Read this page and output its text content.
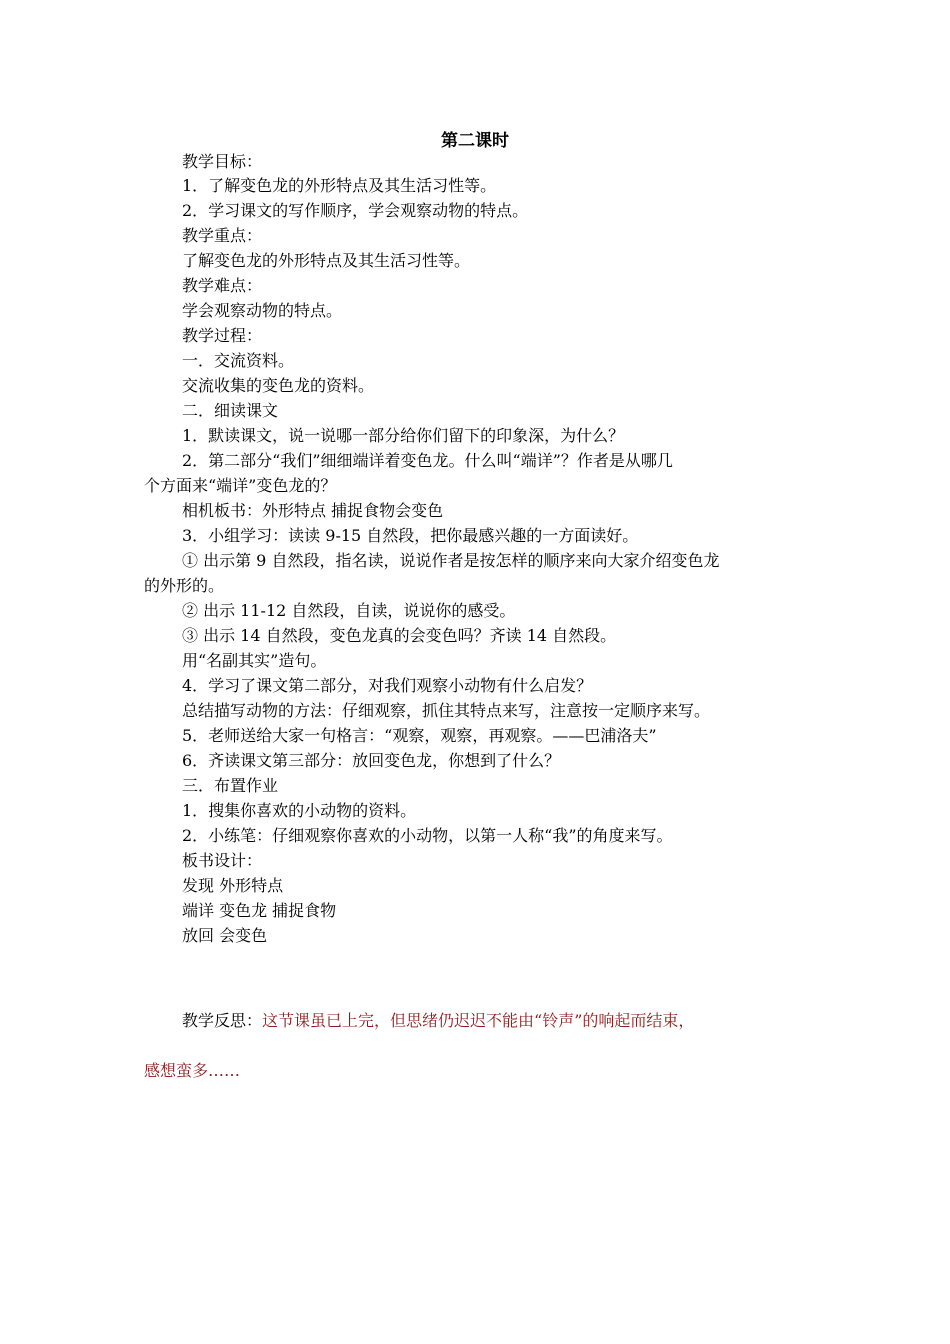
第二课时
教学目标：
1．了解变色龙的外形特点及其生活习性等。
2．学习课文的写作顺序，学会观察动物的特点。
教学重点：
了解变色龙的外形特点及其生活习性等。
教学难点：
学会观察动物的特点。
教学过程：
一．交流资料。
交流收集的变色龙的资料。
二．细读课文
1．默读课文，说一说哪一部分给你们留下的印象深，为什么？
2．第二部分“我们”细细端详着变色龙。什么叫“端详”？作者是从哪几
个方面来“端详”变色龙的？
相机板书：外形特点 捕捉食物会变色
3．小组学习：读读 9-15 自然段，把你最感兴趣的一方面读好。
① 出示第 9 自然段，指名读，说说作者是按怎样的顺序来向大家介绍变色龙
的外形的。
② 出示 11-12 自然段，自读，说说你的感受。
③ 出示 14 自然段，变色龙真的会变色吗？齐读 14 自然段。
用“名副其实”造句。
4．学习了课文第二部分，对我们观察小动物有什么启发？
总结描写动物的方法：仔细观察，抓住其特点来写，注意按一定顺序来写。
5．老师送给大家一句格言：“观察，观察，再观察。——巴浦洛夫”
6．齐读课文第三部分：放回变色龙，你想到了什么？
三．布置作业
1．搜集你喜欢的小动物的资料。
2．小练笔：仔细观察你喜欢的小动物，以第一人称“我”的角度来写。
板书设计：
发现 外形特点
端详 变色龙 捕捉食物
放回 会变色
教学反思：这节课虽已上完，但思绪仍迟迟不能由“铃声”的响起而结束，
感想蛮多……
